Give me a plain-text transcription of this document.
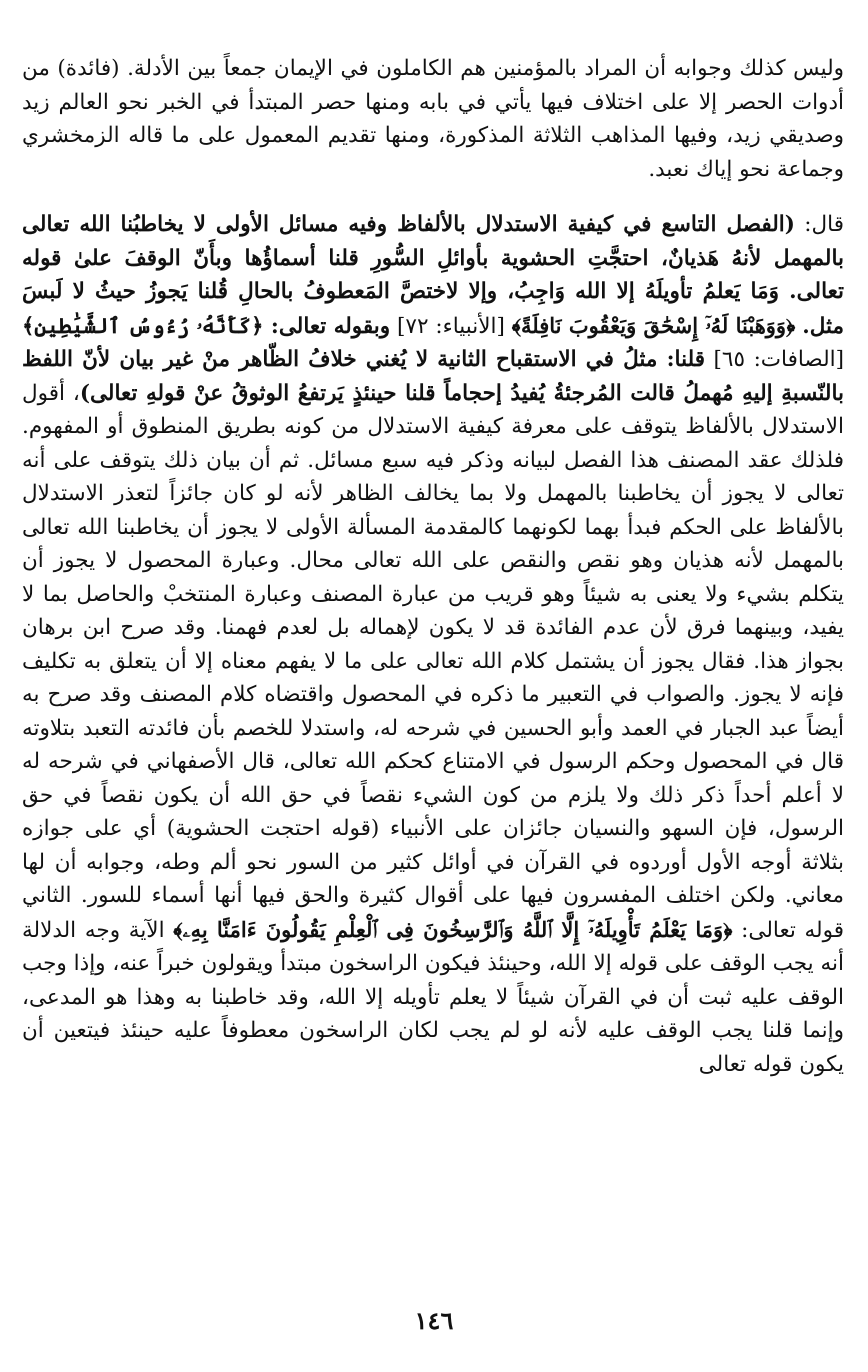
وليس كذلك وجوابه أن المراد بالمؤمنين هم الكاملون في الإيمان جمعاً بين الأدلة. (فائدة) من أدوات الحصر إلا على اختلاف فيها يأتي في بابه ومنها حصر المبتدأ في الخبر نحو العالم زيد وصديقي زيد، وفيها المذاهب الثلاثة المذكورة، ومنها تقديم المعمول على ما قاله الزمخشري وجماعة نحو إياك نعبد.

قال: (الفصل التاسع في كيفية الاستدلال بالألفاظ وفيه مسائل الأولى لا يخاطبُنا الله تعالى بالمهمل لأنهُ هَذيانٌ، احتجَّتِ الحشوية بأوائلِ السُّورِ قلنا أسماؤُها وبأَنّ الوقفَ علىٰ قوله تعالى. وَمَا يَعلمُ تأويلَهُ إلا الله وَاجِبُ، وإلا لاختصَّ المَعطوفُ بالحالِ قُلنا يَجوزُ حيثُ لا لَبسَ مثل. ﴿وَوَهَبْنَا لَهُۥٓ إِسْحَٰقَ وَيَعْقُوبَ نَافِلَةً﴾ [الأنبياء: ٧٢] وبقوله تعالى: ﴿كَأَنَّهُۥ رُءُوسُ ٱلشَّيَٰطِينِ﴾ [الصافات: ٦٥] قلنا: مثلُ في الاستقباح الثانية لا يُغني خلافُ الظّاهر منْ غير بيان لأنّ اللفظ بالنّسبةِ إليهِ مُهملُ قالت المُرجئةُ يُفيدُ إحجاماً قلنا حينئذٍ يَرتفعُ الوثوقُ عنْ قولهِ تعالى)، أقول الاستدلال بالألفاظ يتوقف على معرفة كيفية الاستدلال من كونه بطريق المنطوق أو المفهوم. فلذلك عقد المصنف هذا الفصل لبيانه وذكر فيه سبع مسائل. ثم أن بيان ذلك يتوقف على أنه تعالى لا يجوز أن يخاطبنا بالمهمل ولا بما يخالف الظاهر لأنه لو كان جائزاً لتعذر الاستدلال بالألفاظ على الحكم فبدأ بهما لكونهما كالمقدمة المسألة الأولى لا يجوز أن يخاطبنا الله تعالى بالمهمل لأنه هذيان وهو نقص والنقص على الله تعالى محال. وعبارة المحصول لا يجوز أن يتكلم بشيء ولا يعنى به شيئاً وهو قريب من عبارة المصنف وعبارة المنتخبْ والحاصل بما لا يفيد، وبينهما فرق لأن عدم الفائدة قد لا يكون لإهماله بل لعدم فهمنا. وقد صرح ابن برهان بجواز هذا. فقال يجوز أن يشتمل كلام الله تعالى على ما لا يفهم معناه إلا أن يتعلق به تكليف فإنه لا يجوز. والصواب في التعبير ما ذكره في المحصول واقتضاه كلام المصنف وقد صرح به أيضاً عبد الجبار في العمد وأبو الحسين في شرحه له، واستدلا للخصم بأن فائدته التعبد بتلاوته قال في المحصول وحكم الرسول في الامتناع كحكم الله تعالى، قال الأصفهاني في شرحه له لا أعلم أحداً ذكر ذلك ولا يلزم من كون الشيء نقصاً في حق الله أن يكون نقصاً في حق الرسول، فإن السهو والنسيان جائزان على الأنبياء (قوله احتجت الحشوية) أي على جوازه بثلاثة أوجه الأول أوردوه في القرآن في أوائل كثير من السور نحو ألم وطه، وجوابه أن لها معاني. ولكن اختلف المفسرون فيها على أقوال كثيرة والحق فيها أنها أسماء للسور. الثاني قوله تعالى: ﴿وَمَا يَعْلَمُ تَأْوِيلَهُۥٓ إِلَّا ٱللَّهُ وَٱلرَّٰسِخُونَ فِى ٱلْعِلْمِ يَقُولُونَ ءَامَنَّا بِهِۦ﴾ الآية وجه الدلالة أنه يجب الوقف على قوله إلا الله، وحينئذ فيكون الراسخون مبتدأ ويقولون خبراً عنه، وإذا وجب الوقف عليه ثبت أن في القرآن شيئاً لا يعلم تأويله إلا الله، وقد خاطبنا به وهذا هو المدعى، وإنما قلنا يجب الوقف عليه لأنه لو لم يجب لكان الراسخون معطوفاً عليه حينئذ فيتعين أن يكون قوله تعالى

١٤٦
